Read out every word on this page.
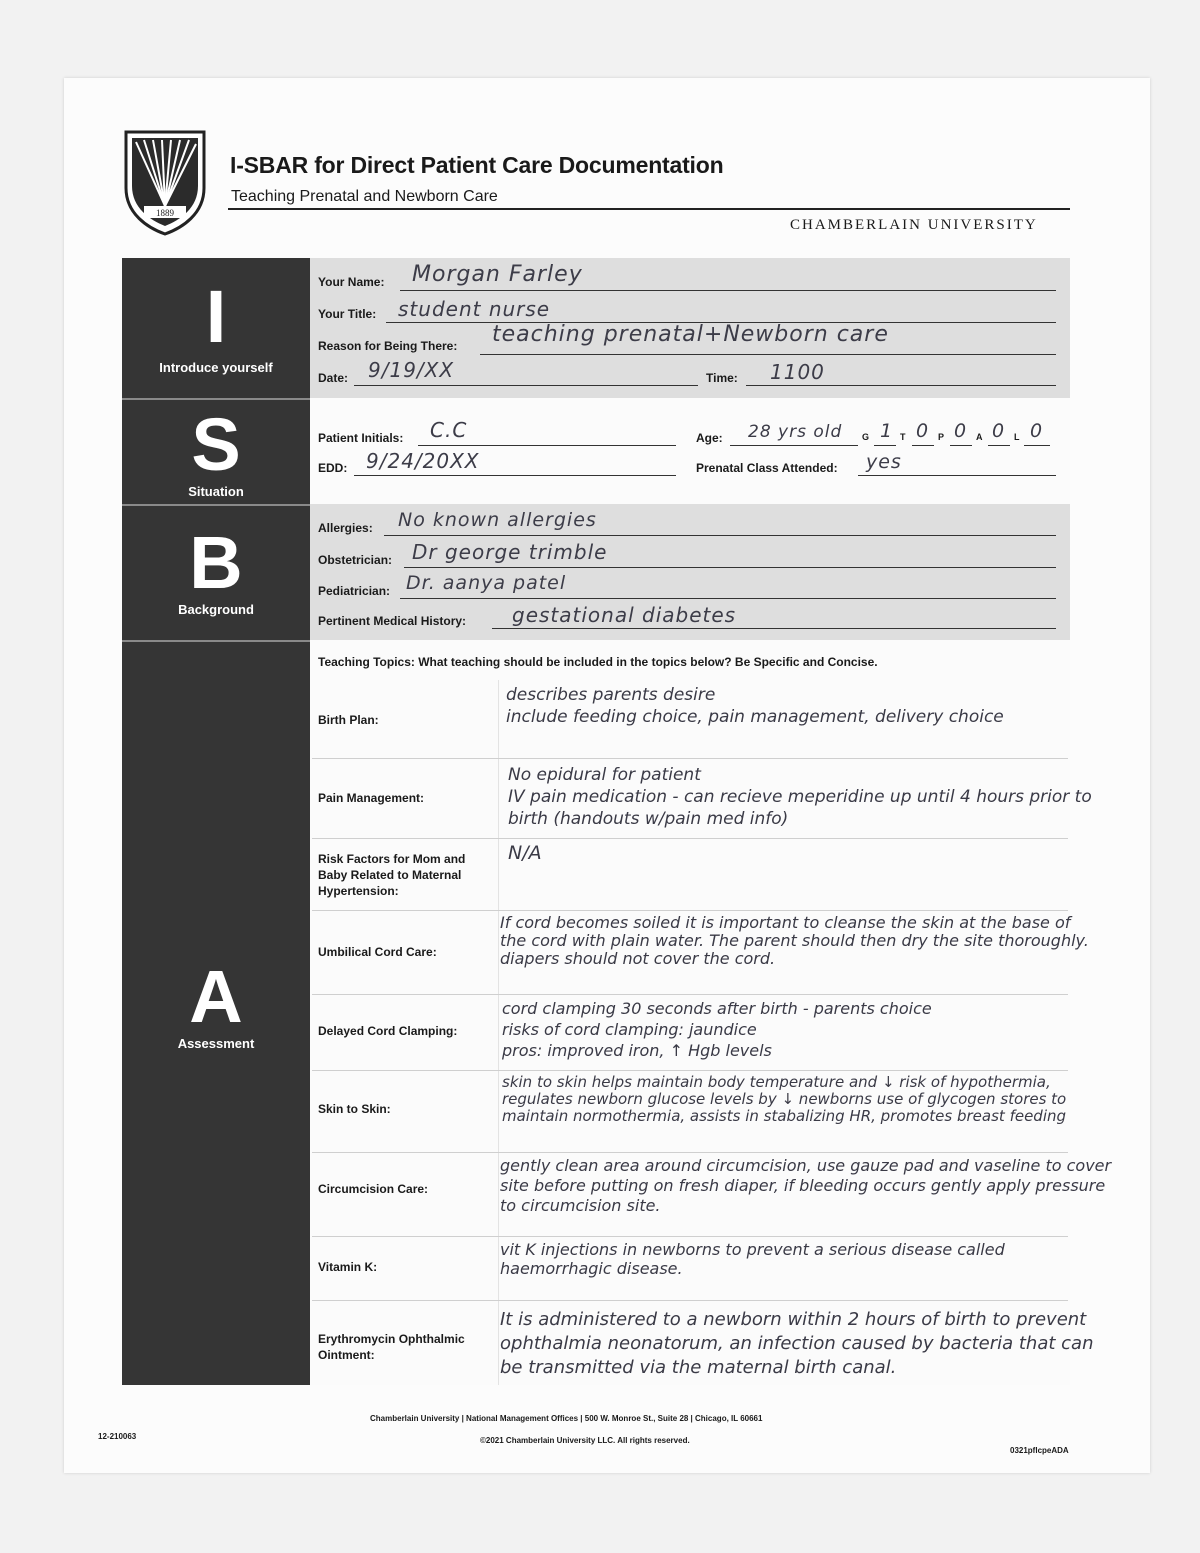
1889
I-SBAR for Direct Patient Care Documentation
Teaching Prenatal and Newborn Care
CHAMBERLAIN UNIVERSITY
I
Introduce yourself
S
Situation
B
Background
A
Assessment
Your Name: Morgan Farley
Your Title: student nurse
Reason for Being There: teaching prenatal+Newborn care
Date: 9/19/XX	Time: 1100
Patient Initials: C.C	Age: 28 yrs old G 1 T 0 P 0 A 0 L 0
EDD: 9/24/20XX	Prenatal Class Attended: yes
Allergies: No known allergies
Obstetrician: Dr george trimble
Pediatrician: Dr. aanya patel
Pertinent Medical History: gestational diabetes
Teaching Topics: What teaching should be included in the topics below? Be Specific and Concise.
Birth Plan:
describes parents desire
include feeding choice, pain management, delivery choice
Pain Management:
No epidural for patient
IV pain medication - can recieve meperidine up until 4 hours prior to birth (handouts w/pain med info)
Risk Factors for Mom and Baby Related to Maternal Hypertension:
N/A
Umbilical Cord Care:
If cord becomes soiled it is important to cleanse the skin at the base of the cord with plain water. The parent should then dry the site thoroughly. diapers should not cover the cord.
Delayed Cord Clamping:
cord clamping 30 seconds after birth - parents choice
risks of cord clamping: jaundice
pros: improved iron, ↑ Hgb levels
Skin to Skin:
skin to skin helps maintain body temperature and ↓ risk of hypothermia, regulates newborn glucose levels by ↓ newborns use of glycogen stores to maintain normothermia, assists in stabalizing HR, promotes breast feeding
Circumcision Care:
gently clean area around circumcision, use gauze pad and vaseline to cover site before putting on fresh diaper, if bleeding occurs gently apply pressure to circumcision site.
Vitamin K:
vit K injections in newborns to prevent a serious disease called haemorrhagic disease.
Erythromycin Ophthalmic Ointment:
It is administered to a newborn within 2 hours of birth to prevent ophthalmia neonatorum, an infection caused by bacteria that can be transmitted via the maternal birth canal.
Chamberlain University | National Management Offices | 500 W. Monroe St., Suite 28 | Chicago, IL 60661
©2021 Chamberlain University LLC. All rights reserved.
12-210063
0321pflcpeADA
